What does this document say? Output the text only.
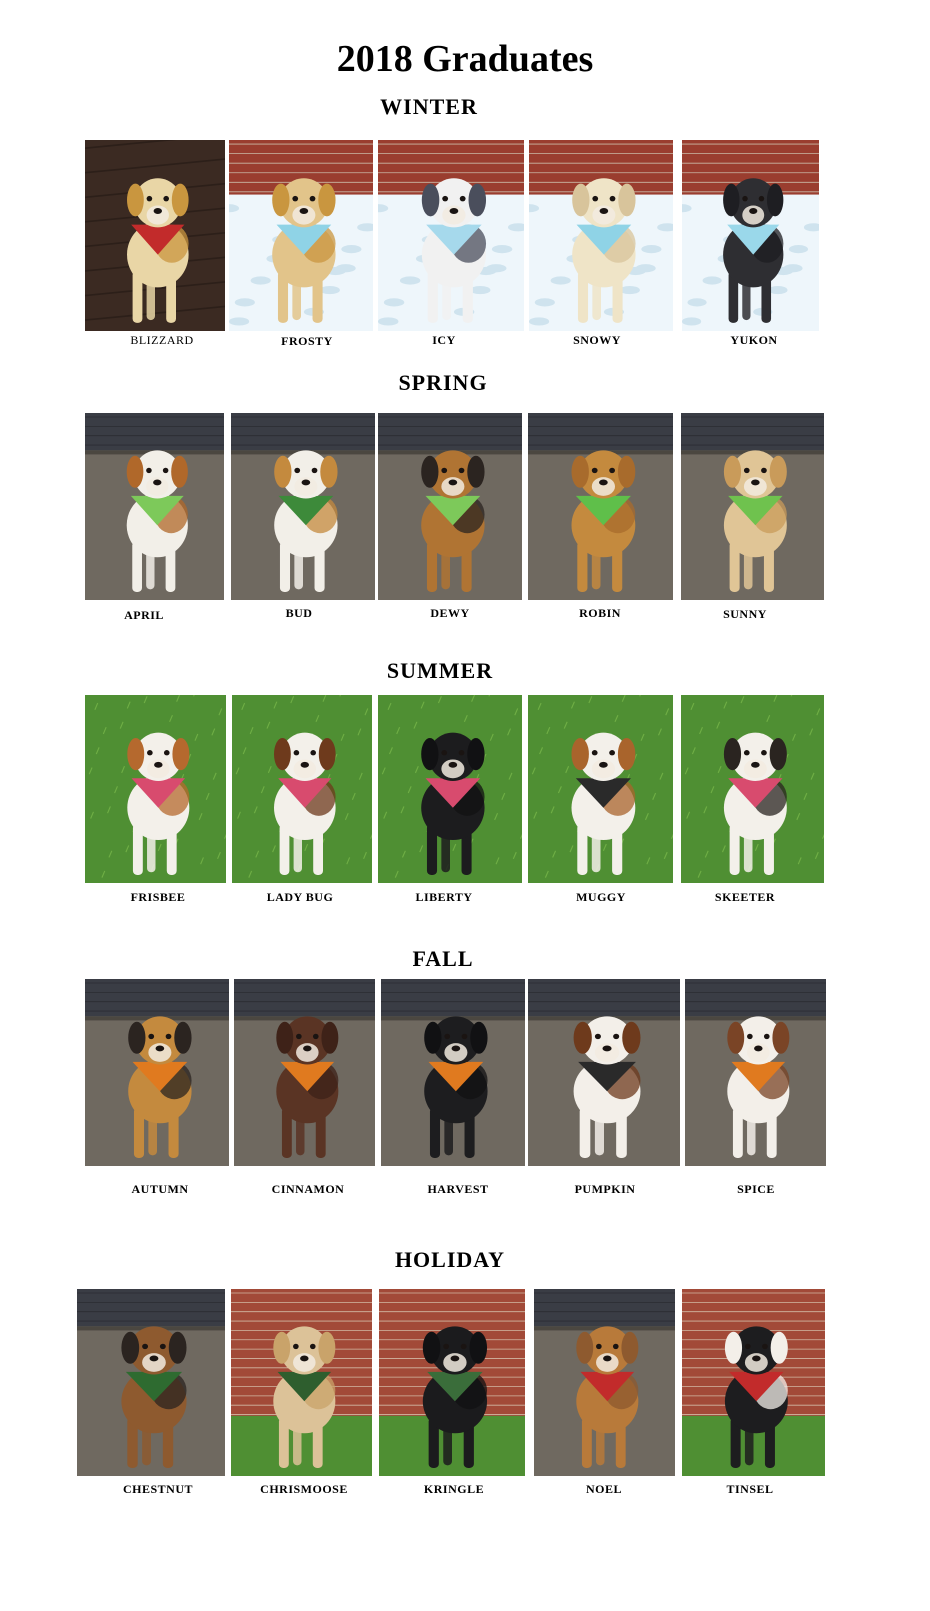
2018 Graduates
WINTER
SPRING
SUMMER
FALL
HOLIDAY
BLIZZARD	FROSTY	ICY	SNOWY	YUKON
APRIL	BUD	DEWY	ROBIN	SUNNY
FRISBEE	LADY BUG	LIBERTY	MUGGY	SKEETER
AUTUMN	CINNAMON	HARVEST	PUMPKIN	SPICE
CHESTNUT	CHRISMOOSE	KRINGLE	NOEL	TINSEL
